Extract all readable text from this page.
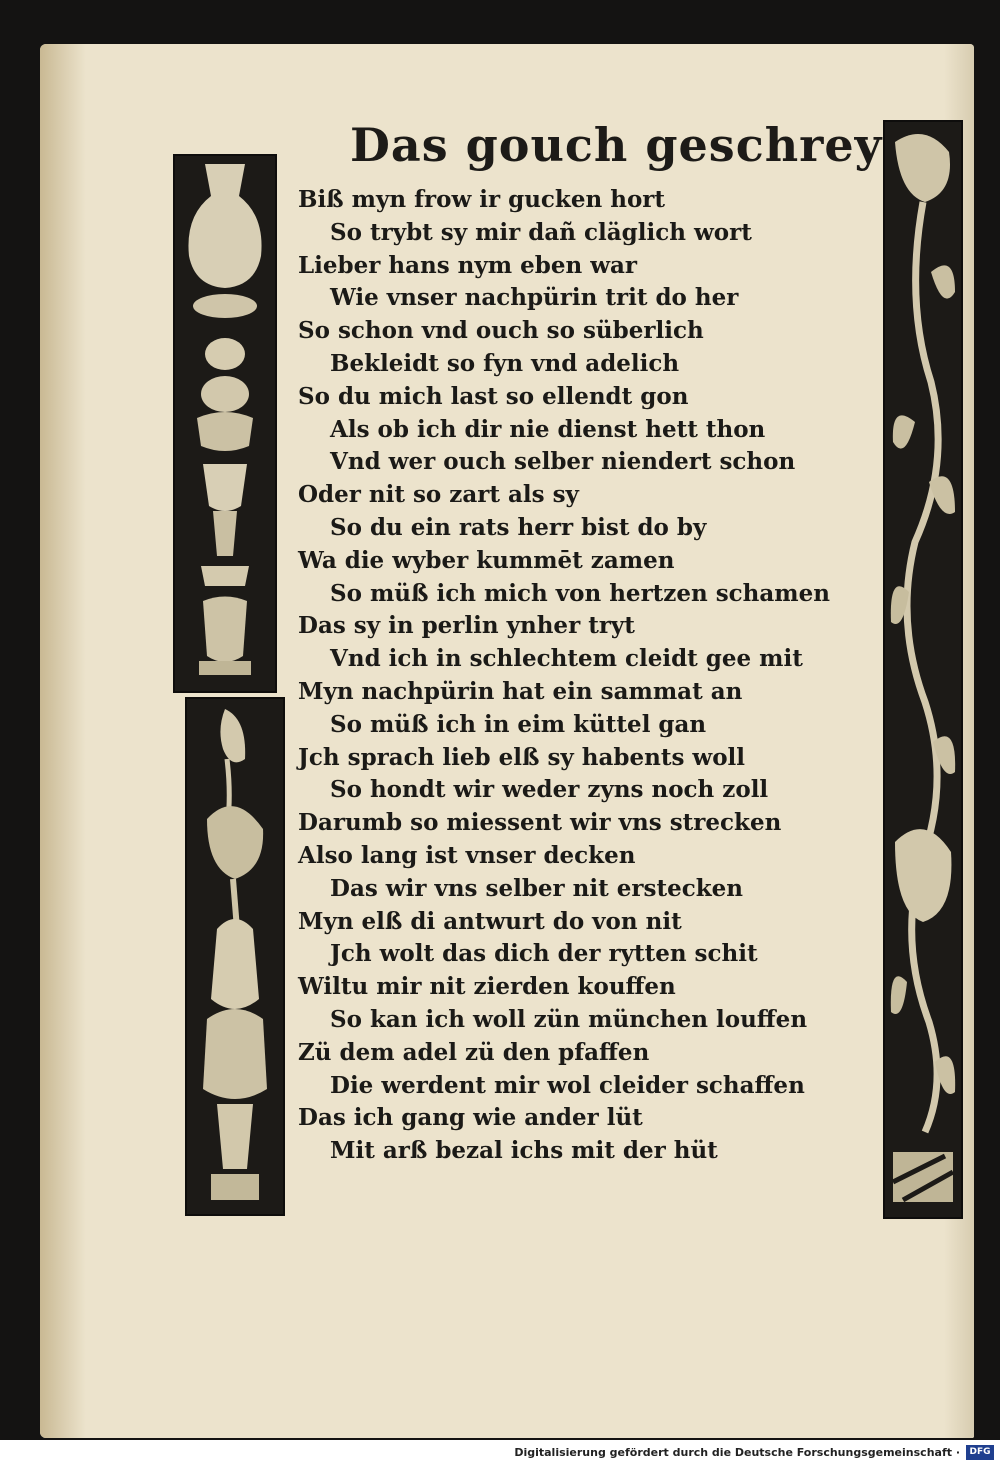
Das gouch geschrey
Biß myn frow ir gucken hort
So trybt sy mir dañ cläglich wort
Lieber hans nym eben war
Wie vnser nachpürin trit do her
So schon vnd ouch so süberlich
Bekleidt so fyn vnd adelich
So du mich last so ellendt gon
Als ob ich dir nie dienst hett thon
Vnd wer ouch selber niendert schon
Oder nit so zart als sy
So du ein rats herr bist do by
Wa die wyber kummēt zamen
So müß ich mich von hertzen schamen
Das sy in perlin ynher tryt
Vnd ich in schlechtem cleidt gee mit
Myn nachpürin hat ein sammat an
So müß ich in eim küttel gan
Jch sprach lieb elß sy habents woll
So hondt wir weder zyns noch zoll
Darumb so miessent wir vns strecken
Also lang ist vnser decken
Das wir vns selber nit erstecken
Myn elß di antwurt do von nit
Jch wolt das dich der rytten schit
Wiltu mir nit zierden kouffen
So kan ich woll zün münchen louffen
Zü dem adel zü den pfaffen
Die werdent mir wol cleider schaffen
Das ich gang wie ander lüt
Mit arß bezal ichs mit der hüt
Digitalisierung gefördert durch die Deutsche Forschungsgemeinschaft ·	DFG
